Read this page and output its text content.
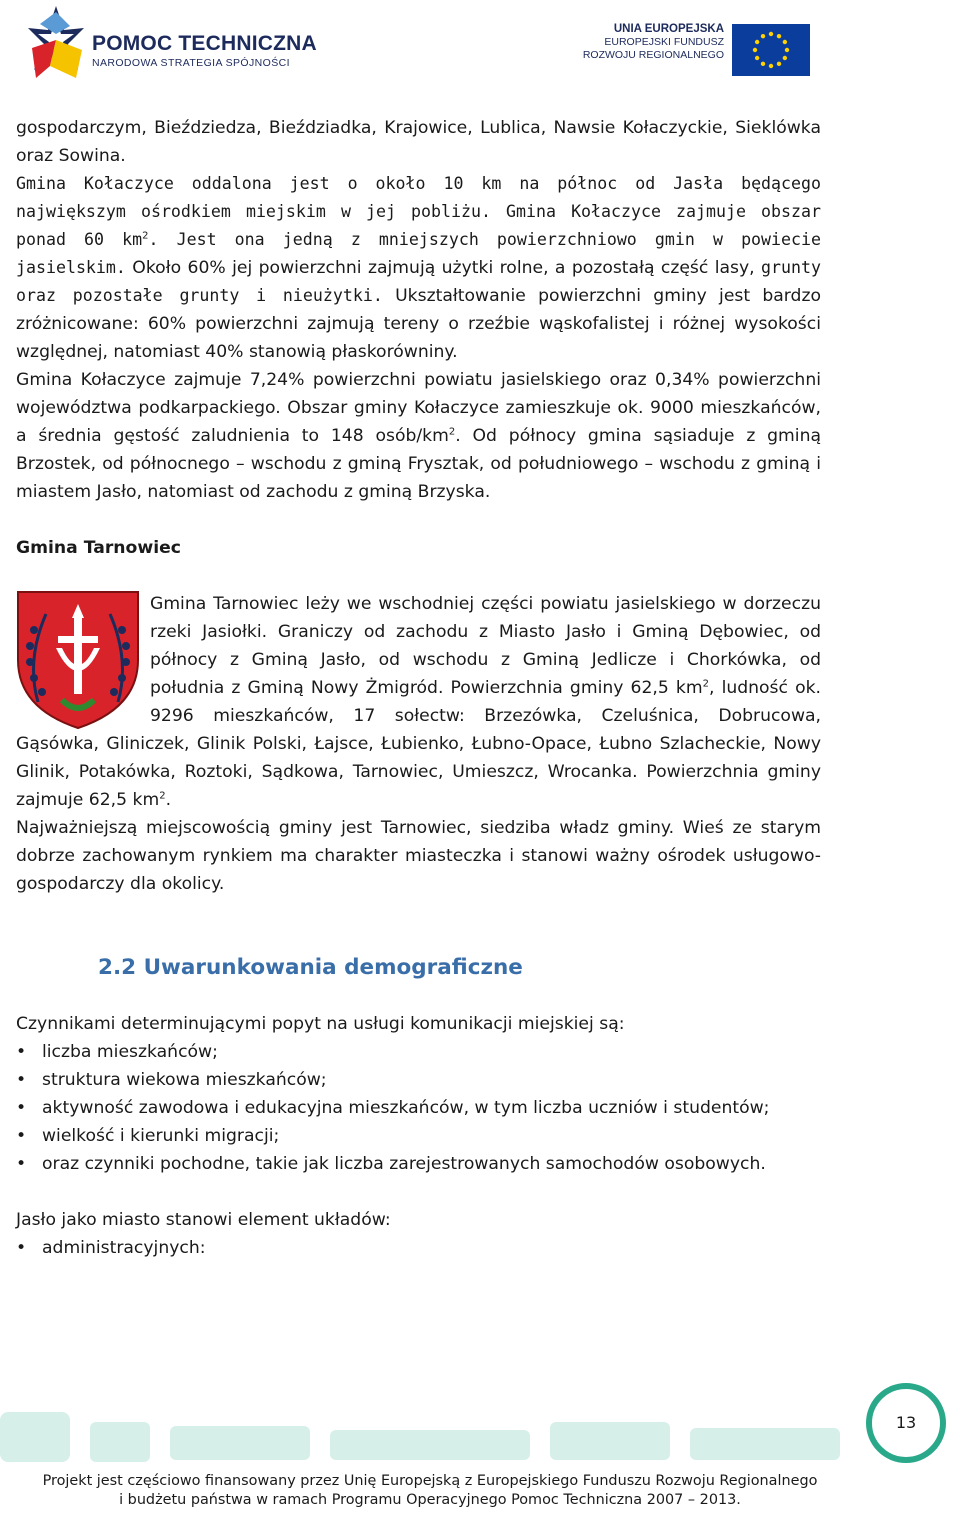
POMOC TECHNICZNA
NARODOWA STRATEGIA SPÓJNOŚCI
UNIA EUROPEJSKA
EUROPEJSKI FUNDUSZ
ROZWOJU REGIONALNEGO

gospodarczym, Bieździedza, Bieździadka, Krajowice, Lublica, Nawsie Kołaczyckie, Sieklówka oraz Sowina.

Gmina Kołaczyce oddalona jest o około 10 km na północ od Jasła będącego największym ośrodkiem miejskim w jej pobliżu. Gmina Kołaczyce zajmuje obszar ponad 60 $km^2$. Jest ona jedną z mniejszych powierzchniowo gmin w powiecie jasielskim. Około 60% jej powierzchni zajmują użytki rolne, a pozostałą część lasy, grunty oraz pozostałe grunty i nieużytki. Ukształtowanie powierzchni gminy jest bardzo zróżnicowane: 60% powierzchni zajmują tereny o rzeźbie wąskofalistej i różnej wysokości względnej, natomiast 40% stanowią płaskorówniny.

Gmina Kołaczyce zajmuje 7,24% powierzchni powiatu jasielskiego oraz 0,34% powierzchni województwa podkarpackiego. Obszar gminy Kołaczyce zamieszkuje ok. 9000 mieszkańców, a średnia gęstość zaludnienia to 148 osób/$km^2$. Od północy gmina sąsiaduje z gminą Brzostek, od północnego – wschodu z gminą Frysztak, od południowego – wschodu z gminą i miastem Jasło, natomiast od zachodu z gminą Brzyska.

Gmina Tarnowiec

Gmina Tarnowiec leży we wschodniej części powiatu jasielskiego w dorzeczu rzeki Jasiołki. Graniczy od zachodu z Miasto Jasło i Gminą Dębowiec, od północy z Gminą Jasło, od wschodu z Gminą Jedlicze i Chorkówka, od południa z Gminą Nowy Żmigród. Powierzchnia gminy 62,5 $km^2$, ludność ok. 9296 mieszkańców, 17 sołectw: Brzezówka, Czeluśnica, Dobrucowa, Gąsówka, Gliniczek, Glinik Polski, Łajsce, Łubienko, Łubno-Opace, Łubno Szlacheckie, Nowy Glinik, Potakówka, Roztoki, Sądkowa, Tarnowiec, Umieszcz, Wrocanka. Powierzchnia gminy zajmuje 62,5 $km^2$.

Najważniejszą miejscowością gminy jest Tarnowiec, siedziba władz gminy. Wieś ze starym dobrze zachowanym rynkiem ma charakter miasteczka i stanowi ważny ośrodek usługowo-gospodarczy dla okolicy.

2.2 Uwarunkowania demograficzne

Czynnikami determinującymi popyt na usługi komunikacji miejskiej są:

• liczba mieszkańców;
• struktura wiekowa mieszkańców;
• aktywność zawodowa i edukacyjna mieszkańców, w tym liczba uczniów i studentów;
• wielkość i kierunki migracji;
• oraz czynniki pochodne, takie jak liczba zarejestrowanych samochodów osobowych.

Jasło jako miasto stanowi element układów:

• administracyjnych:
13
Projekt jest częściowo finansowany przez Unię Europejską z Europejskiego Funduszu Rozwoju Regionalnego
i budżetu państwa w ramach Programu Operacyjnego Pomoc Techniczna 2007 – 2013.
